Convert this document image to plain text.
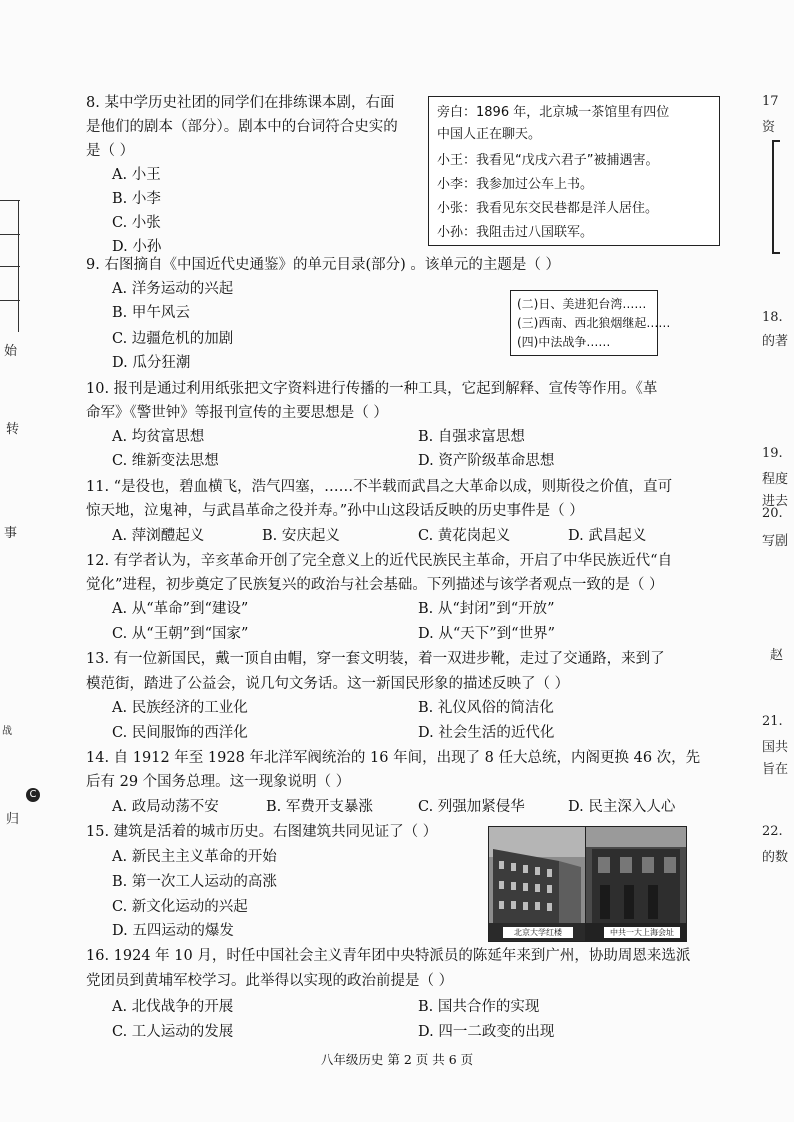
始
转
事
战
C
归
17
资
18.
的著
19.
程度
进去
20.
写剧
赵
21.
国共
旨在
22.
的数
8. 某中学历史社团的同学们在排练课本剧，右面
是他们的剧本（部分）。剧本中的台词符合史实的
是（ ）
A. 小王
B. 小李
C. 小张
D. 小孙
旁白：1896 年，北京城一茶馆里有四位
中国人正在聊天。
小王：我看见“戊戌六君子”被捕遇害。
小李：我参加过公车上书。
小张：我看见东交民巷都是洋人居住。
小孙：我阻击过八国联军。
9. 右图摘自《中国近代史通鉴》的单元目录(部分) 。该单元的主题是（ ）
A. 洋务运动的兴起
B. 甲午风云
C. 边疆危机的加剧
D. 瓜分狂潮
(二)日、美进犯台湾……
(三)西南、西北狼烟继起……
(四)中法战争……
10. 报刊是通过利用纸张把文字资料进行传播的一种工具，它起到解释、宣传等作用。《革
命军》《警世钟》等报刊宣传的主要思想是（ ）
A. 均贫富思想	B. 自强求富思想
C. 维新变法思想	D. 资产阶级革命思想
11. “是役也，碧血横飞，浩气四塞，……不半载而武昌之大革命以成，则斯役之价值，直可
惊天地，泣鬼神，与武昌革命之役并寿。”孙中山这段话反映的历史事件是（ ）
A. 萍浏醴起义	B. 安庆起义	C. 黄花岗起义	D. 武昌起义
12. 有学者认为，辛亥革命开创了完全意义上的近代民族民主革命，开启了中华民族近代“自
觉化”进程，初步奠定了民族复兴的政治与社会基础。下列描述与该学者观点一致的是（ ）
A. 从“革命”到“建设”	B. 从“封闭”到“开放”
C. 从“王朝”到“国家”	D. 从“天下”到“世界”
13. 有一位新国民，戴一顶自由帽，穿一套文明装，着一双进步靴，走过了交通路，来到了
模范街，踏进了公益会，说几句文务话。这一新国民形象的描述反映了（ ）
A. 民族经济的工业化	B. 礼仪风俗的简洁化
C. 民间服饰的西洋化	D. 社会生活的近代化
14. 自 1912 年至 1928 年北洋军阀统治的 16 年间，出现了 8 任大总统，内阁更换 46 次，先
后有 29 个国务总理。这一现象说明（ ）
A. 政局动荡不安	B. 军费开支暴涨	C. 列强加紧侵华	D. 民主深入人心
15. 建筑是活着的城市历史。右图建筑共同见证了（ ）
A. 新民主主义革命的开始
B. 第一次工人运动的高涨
C. 新文化运动的兴起
D. 五四运动的爆发	北京大学红楼	中共一大上海会址
16. 1924 年 10 月，时任中国社会主义青年团中央特派员的陈延年来到广州，协助周恩来选派
党团员到黄埔军校学习。此举得以实现的政治前提是（ ）
A. 北伐战争的开展	B. 国共合作的实现
C. 工人运动的发展	D. 四一二政变的出现
八年级历史 第 2 页 共 6 页
